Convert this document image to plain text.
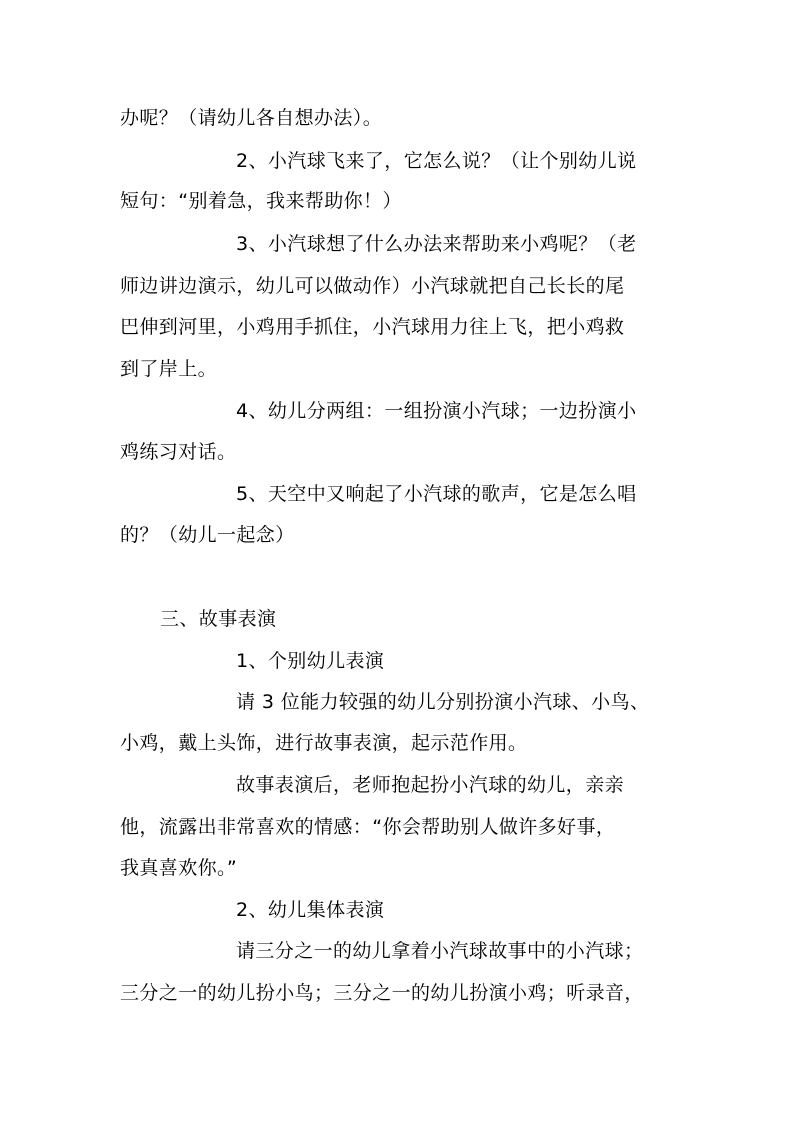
办呢？（请幼儿各自想办法）。

2、小汽球飞来了，它怎么说？（让个别幼儿说

短句：“别着急，我来帮助你！）

3、小汽球想了什么办法来帮助来小鸡呢？（老

师边讲边演示，幼儿可以做动作）小汽球就把自己长长的尾

巴伸到河里，小鸡用手抓住，小汽球用力往上飞，把小鸡救

到了岸上。

4、幼儿分两组：一组扮演小汽球；一边扮演小

鸡练习对话。

5、天空中又响起了小汽球的歌声，它是怎么唱

的？（幼儿一起念）

三、故事表演

1、个别幼儿表演

请 3 位能力较强的幼儿分别扮演小汽球、小鸟、

小鸡，戴上头饰，进行故事表演，起示范作用。

故事表演后，老师抱起扮小汽球的幼儿，亲亲

他，流露出非常喜欢的情感：“你会帮助别人做许多好事，

我真喜欢你。”

2、幼儿集体表演

请三分之一的幼儿拿着小汽球故事中的小汽球；

三分之一的幼儿扮小鸟；三分之一的幼儿扮演小鸡；听录音，
